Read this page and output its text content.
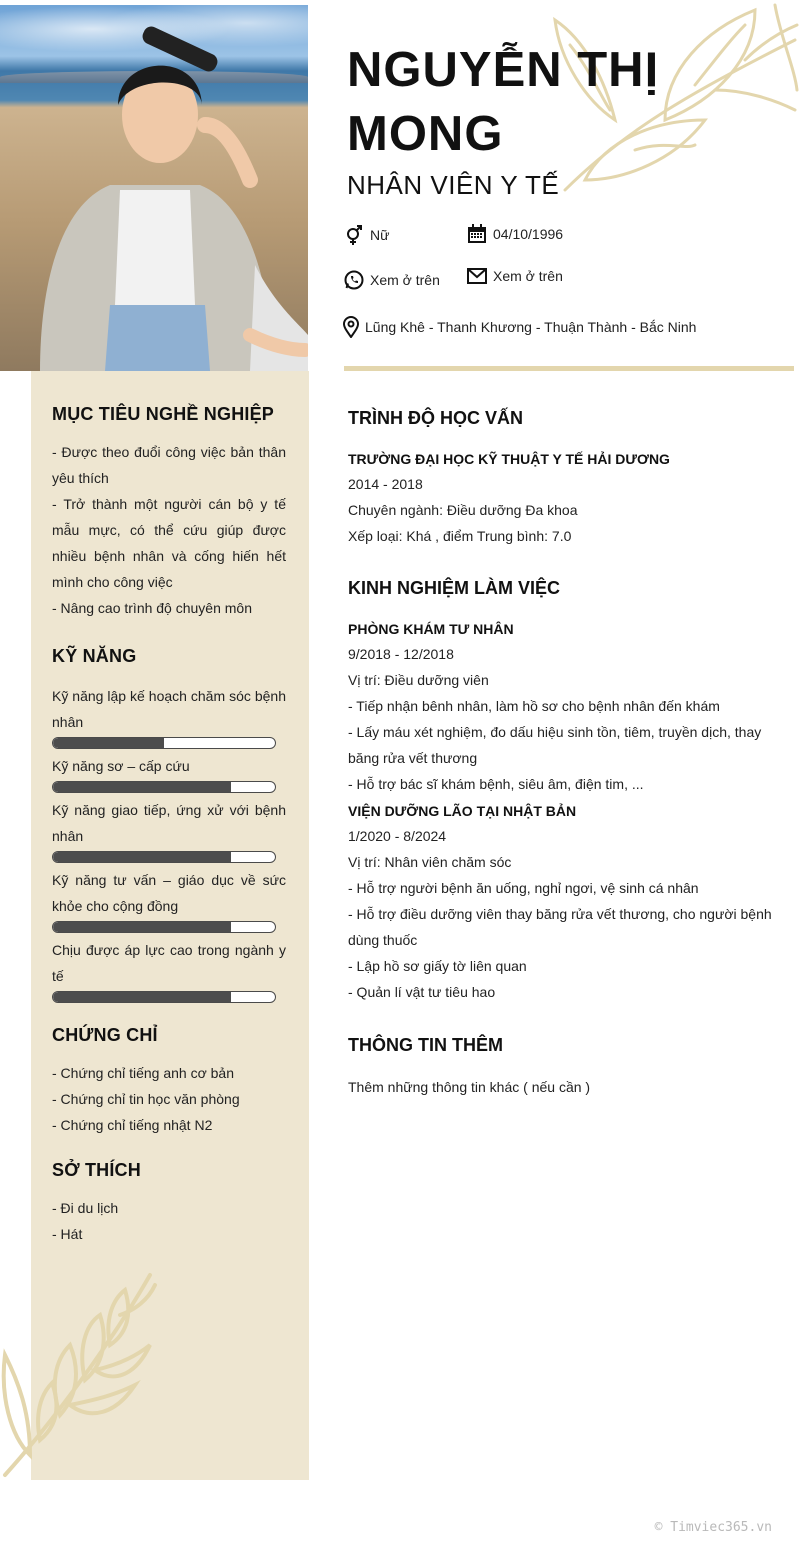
MỤC TIÊU NGHỀ NGHIỆP
- Được theo đuổi công việc bản thân yêu thích
- Trở thành một người cán bộ y tế mẫu mực, có thể cứu giúp được nhiều bệnh nhân và cống hiến hết mình cho công việc
- Nâng cao trình độ chuyên môn
KỸ NĂNG
Kỹ năng lập kế hoạch chăm sóc bệnh nhân
Kỹ năng sơ – cấp cứu
Kỹ năng giao tiếp, ứng xử với bệnh nhân
Kỹ năng tư vấn – giáo dục về sức khỏe cho cộng đồng
Chịu được áp lực cao trong ngành y tế
CHỨNG CHỈ
- Chứng chỉ tiếng anh cơ bản
- Chứng chỉ tin học văn phòng
- Chứng chỉ tiếng nhật N2
SỞ THÍCH
- Đi du lịch
- Hát
NGUYỄN THỊ MONG
NHÂN VIÊN Y TẾ
Nữ	04/10/1996
Xem ở trên	Xem ở trên
Lũng Khê - Thanh Khương - Thuận Thành - Bắc Ninh
TRÌNH ĐỘ HỌC VẤN
TRƯỜNG ĐẠI HỌC KỸ THUẬT Y TẾ HẢI DƯƠNG
2014 - 2018
Chuyên ngành: Điều dưỡng Đa khoa
Xếp loại: Khá , điểm Trung bình: 7.0
KINH NGHIỆM LÀM VIỆC
PHÒNG KHÁM TƯ NHÂN
9/2018 - 12/2018
Vị trí: Điều dưỡng viên
- Tiếp nhận bênh nhân, làm hồ sơ cho bệnh nhân đến khám
- Lấy máu xét nghiệm, đo dấu hiệu sinh tồn, tiêm, truyền dịch, thay băng rửa vết thương
- Hỗ trợ bác sĩ khám bệnh, siêu âm, điện tim, ...
VIỆN DƯỠNG LÃO TẠI NHẬT BẢN
1/2020 - 8/2024
Vị trí: Nhân viên chăm sóc
- Hỗ trợ người bệnh ăn uống, nghỉ ngơi, vệ sinh cá nhân
- Hỗ trợ điều dưỡng viên thay băng rửa vết thương, cho người bệnh dùng thuốc
- Lập hồ sơ giấy tờ liên quan
- Quản lí vật tư tiêu hao
THÔNG TIN THÊM
Thêm những thông tin khác ( nếu cần )
© Timviec365.vn
